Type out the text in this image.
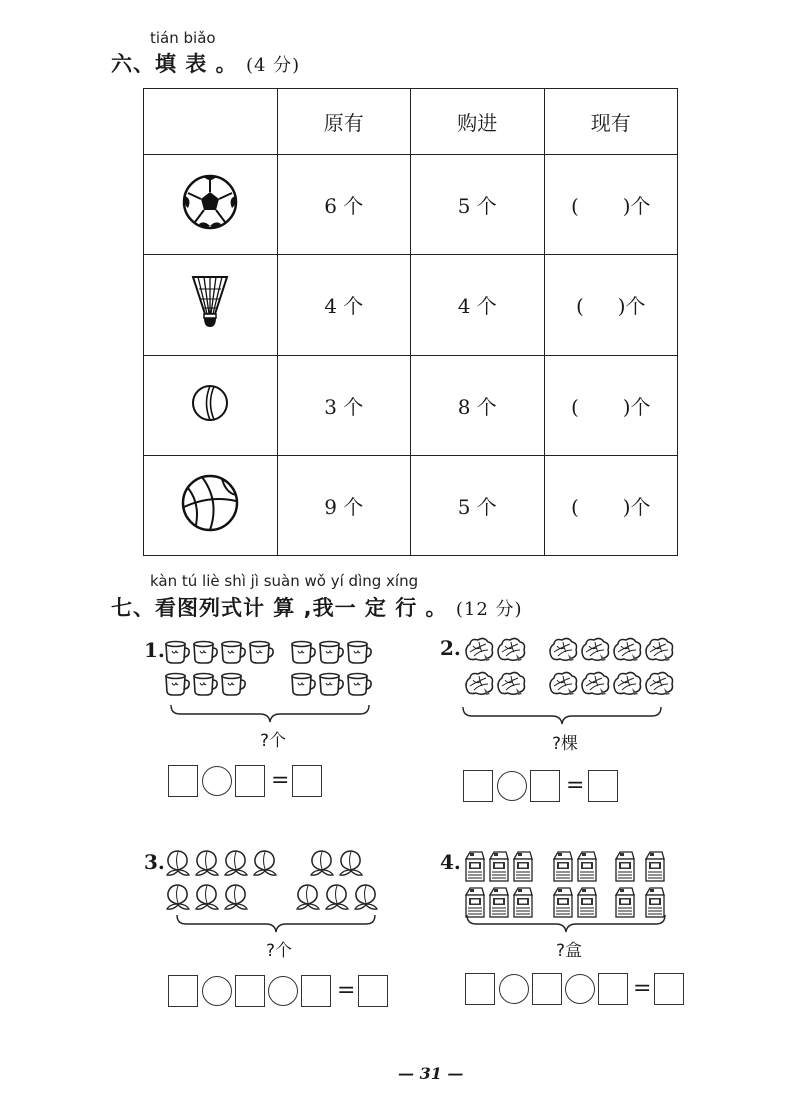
tián biǎo
六、填 表 。 (4 分)
	原有	购进	现有
	6 个	5 个	( )个
	4 个	4 个	( )个
	3 个	8 个	( )个
	9 个	5 个	( )个
kàn tú liè shì jì suàn wǒ yí dìng xíng
七、看图列式计 算 ,我一 定 行 。 (12 分)
1.
?个
=
2.
?棵
=
3.
?个
=
4.
?盒
=
— 31 —
